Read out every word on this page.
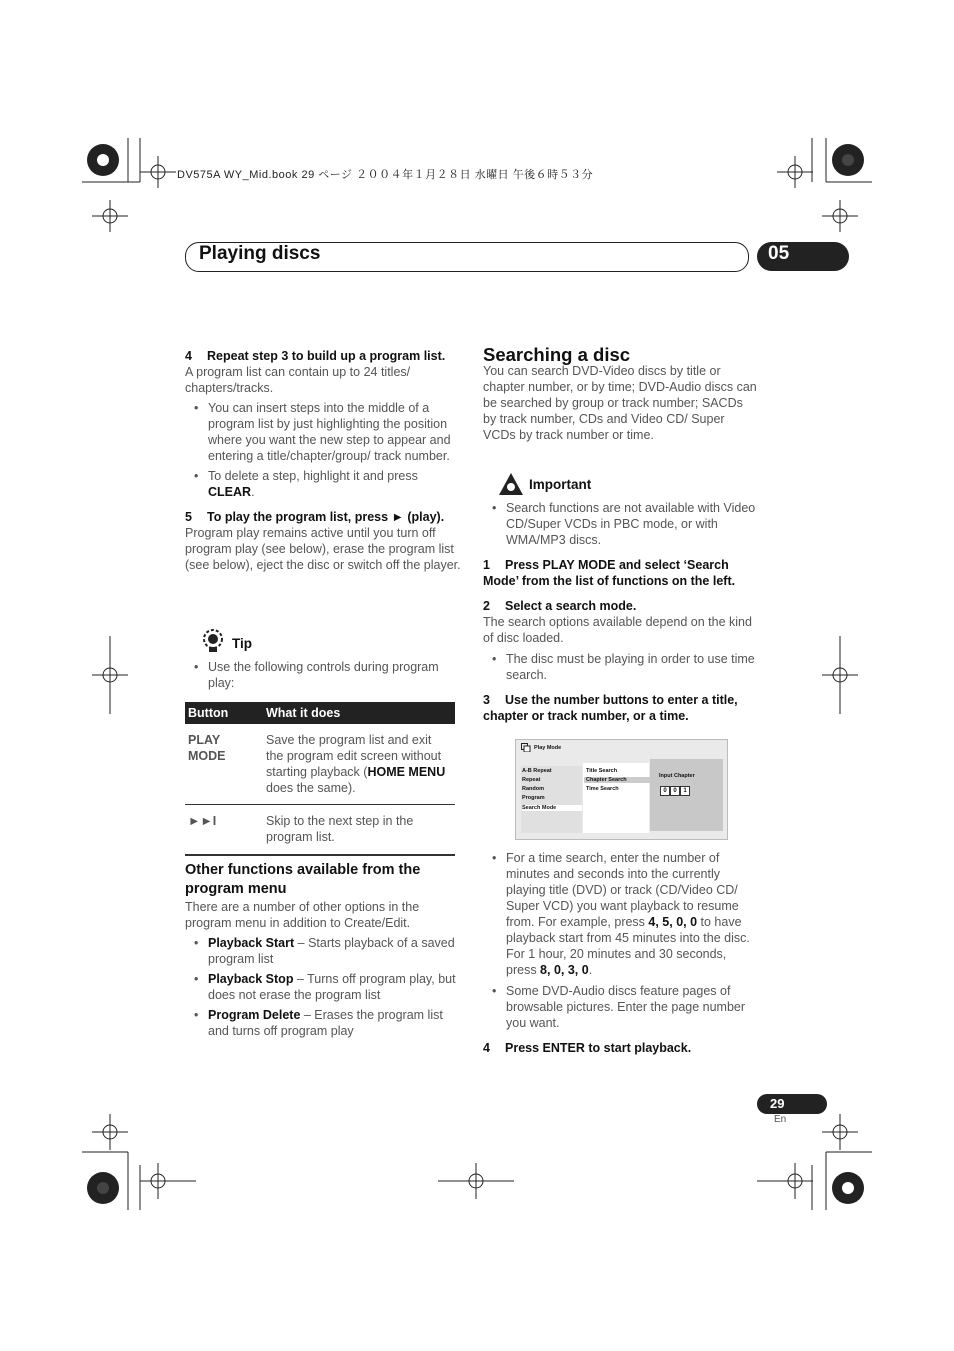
DV575A WY_Mid.book 29 ページ ２００４年１月２８日 水曜日 午後６時５３分
Playing discs	05

4 Repeat step 3 to build up a program list.

A program list can contain up to 24 titles/ chapters/tracks.

• You can insert steps into the middle of a program list by just highlighting the position where you want the new step to appear and entering a title/chapter/group/ track number.
• To delete a step, highlight it and press
CLEAR.

5 To play the program list, press ► (play).

Program play remains active until you turn off program play (see below), erase the program list (see below), eject the disc or switch off the player.

Tip
• Use the following controls during program play:
Button	What it does
PLAY MODE	Save the program list and exit the program edit screen without starting playback (HOME MENU does the same).
►►I	Skip to the next step in the program list.
Other functions available from the program menu

There are a number of other options in the program menu in addition to Create/Edit.

• Playback Start – Starts playback of a saved program list
• Playback Stop – Turns off program play, but does not erase the program list
• Program Delete – Erases the program list and turns off program play
Searching a disc

You can search DVD-Video discs by title or chapter number, or by time; DVD-Audio discs can be searched by group or track number; SACDs by track number, CDs and Video CD/ Super VCDs by track number or time.

Important
• Search functions are not available with Video CD/Super VCDs in PBC mode, or with WMA/MP3 discs.

1 Press PLAY MODE and select ‘Search Mode’ from the list of functions on the left.

2 Select a search mode.

The search options available depend on the kind of disc loaded.

• The disc must be playing in order to use time search.

3 Use the number buttons to enter a title, chapter or track number, or a time.

Play Mode
A-B Repeat
Repeat
Random
Program
Search Mode
Title Search
Chapter Search
Time Search
Input Chapter
0	0	1
• For a time search, enter the number of minutes and seconds into the currently playing title (DVD) or track (CD/Video CD/ Super VCD) you want playback to resume from. For example, press 4, 5, 0, 0 to have playback start from 45 minutes into the disc. For 1 hour, 20 minutes and 30 seconds, press 8, 0, 3, 0.
• Some DVD-Audio discs feature pages of browsable pictures. Enter the page number you want.

4 Press ENTER to start playback.

29
En
